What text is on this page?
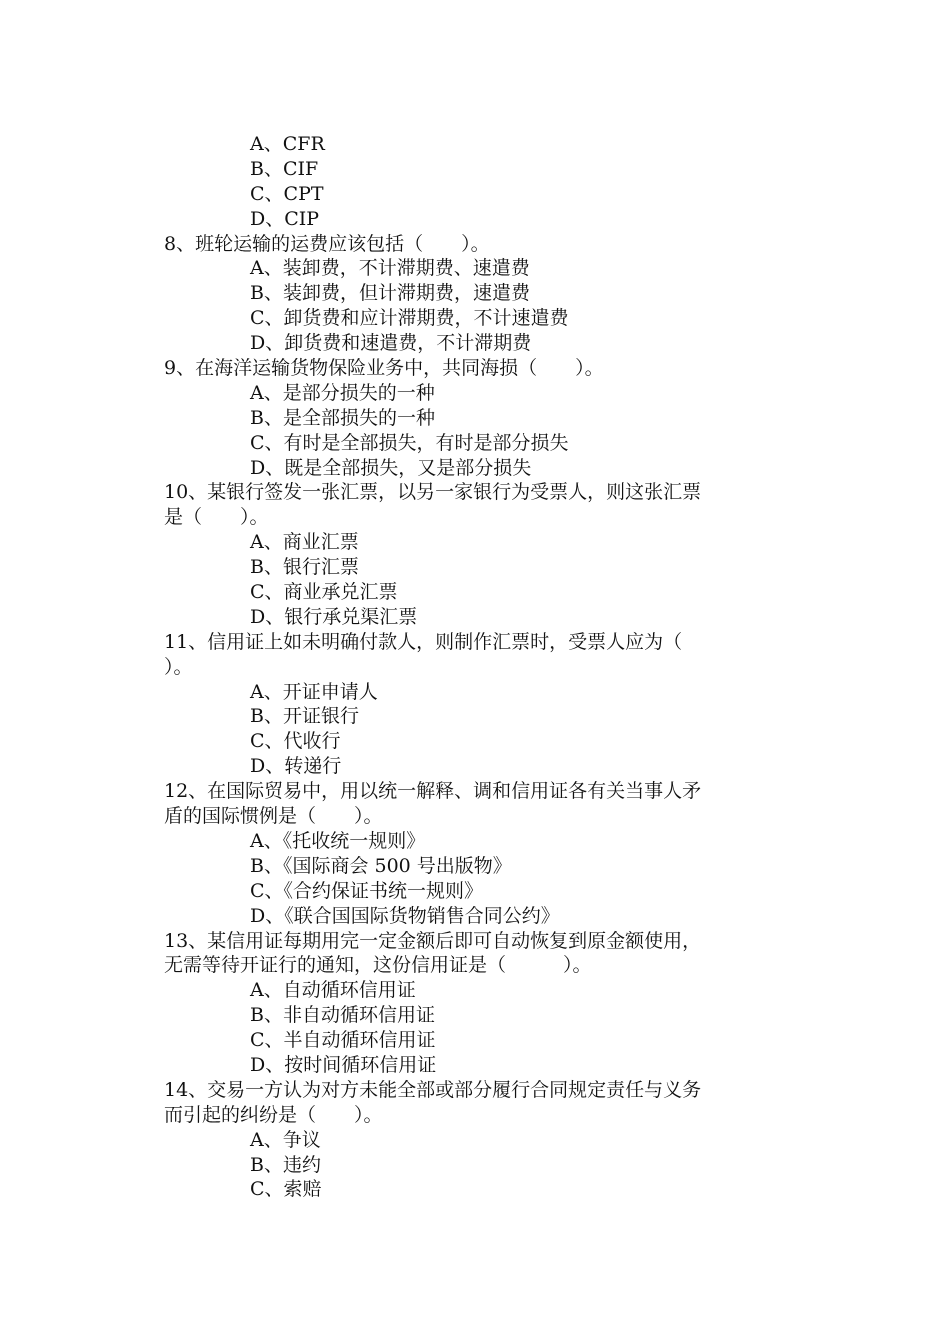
A、CFR
B、CIF
C、CPT
D、CIP
8、班轮运输的运费应该包括（　　）。
A、装卸费，不计滞期费、速遣费
B、装卸费，但计滞期费，速遣费
C、卸货费和应计滞期费，不计速遣费
D、卸货费和速遣费，不计滞期费
9、在海洋运输货物保险业务中，共同海损（　　）。
A、是部分损失的一种
B、是全部损失的一种
C、有时是全部损失，有时是部分损失
D、既是全部损失，又是部分损失
10、某银行签发一张汇票，以另一家银行为受票人，则这张汇票
是（　　）。
A、商业汇票
B、银行汇票
C、商业承兑汇票
D、银行承兑渠汇票
11、信用证上如未明确付款人，则制作汇票时，受票人应为（
）。
A、开证申请人
B、开证银行
C、代收行
D、转递行
12、在国际贸易中，用以统一解释、调和信用证各有关当事人矛
盾的国际惯例是（　　）。
A、《托收统一规则》
B、《国际商会 500 号出版物》
C、《合约保证书统一规则》
D、《联合国国际货物销售合同公约》
13、某信用证每期用完一定金额后即可自动恢复到原金额使用，
无需等待开证行的通知，这份信用证是（　　　）。
A、自动循环信用证
B、非自动循环信用证
C、半自动循环信用证
D、按时间循环信用证
14、交易一方认为对方未能全部或部分履行合同规定责任与义务
而引起的纠纷是（　　）。
A、争议
B、违约
C、索赔
